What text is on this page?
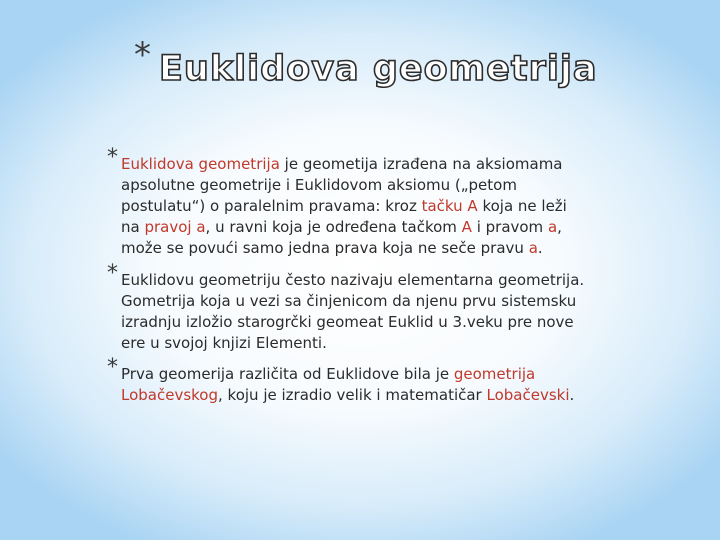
* Euklidova geometrija
* Euklidova geometrija je geometija izrađena na aksiomama
apsolutne geometrije i Euklidovom aksiomu („petom
postulatu“) o paralelnim pravama: kroz tačku A koja ne leži
na pravoj a, u ravni koja je određena tačkom A i pravom a,
može se povući samo jedna prava koja ne seče pravu a.
* Euklidovu geometriju često nazivaju elementarna geometrija.
Gometrija koja u vezi sa činjenicom da njenu prvu sistemsku
izradnju izložio starogrčki geomeat Euklid u 3.veku pre nove
ere u svojoj knjizi Elementi.
* Prva geomerija različita od Euklidove bila je geometrija
Lobačevskog, koju je izradio velik i matematičar Lobačevski.
